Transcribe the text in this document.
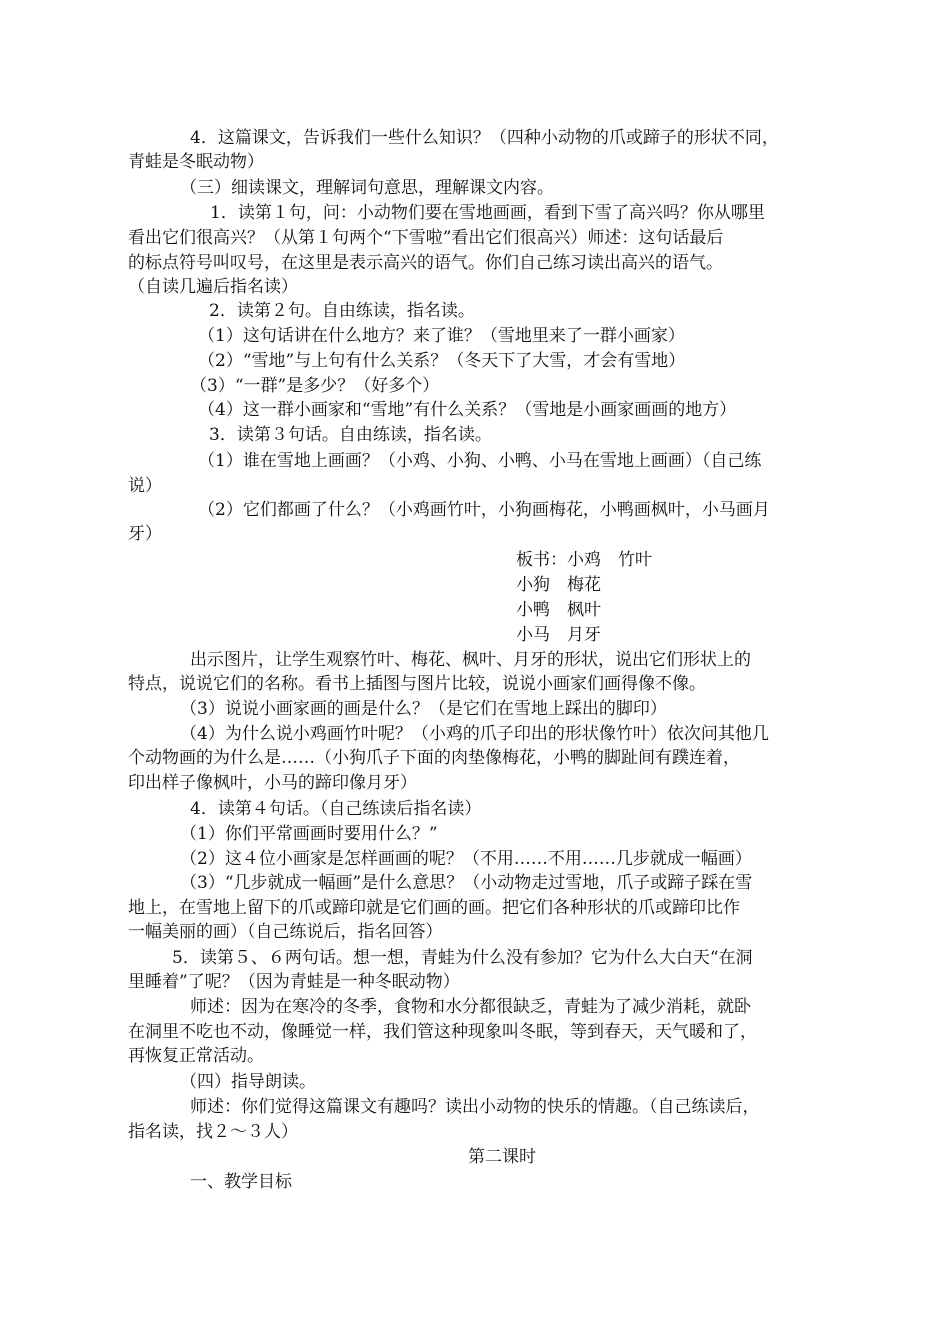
4．这篇课文，告诉我们一些什么知识？（四种小动物的爪或蹄子的形状不同，
青蛙是冬眠动物）
（三）细读课文，理解词句意思，理解课文内容。
1．读第１句，问：小动物们要在雪地画画，看到下雪了高兴吗？你从哪里
看出它们很高兴？（从第１句两个“下雪啦”看出它们很高兴）师述：这句话最后
的标点符号叫叹号，在这里是表示高兴的语气。你们自己练习读出高兴的语气。
（自读几遍后指名读）
2．读第２句。自由练读，指名读。
（1）这句话讲在什么地方？来了谁？（雪地里来了一群小画家）
（2）“雪地”与上句有什么关系？（冬天下了大雪，才会有雪地）
（3）“一群”是多少？（好多个）
（4）这一群小画家和“雪地”有什么关系？（雪地是小画家画画的地方）
3．读第３句话。自由练读，指名读。
（1）谁在雪地上画画？（小鸡、小狗、小鸭、小马在雪地上画画）（自己练
说）
（2）它们都画了什么？（小鸡画竹叶，小狗画梅花，小鸭画枫叶，小马画月
牙）
板书：小鸡　竹叶
小狗　梅花
小鸭　枫叶
小马　月牙
出示图片，让学生观察竹叶、梅花、枫叶、月牙的形状，说出它们形状上的
特点，说说它们的名称。看书上插图与图片比较，说说小画家们画得像不像。
（3）说说小画家画的画是什么？（是它们在雪地上踩出的脚印）
（4）为什么说小鸡画竹叶呢？（小鸡的爪子印出的形状像竹叶）依次问其他几
个动物画的为什么是……（小狗爪子下面的肉垫像梅花，小鸭的脚趾间有蹼连着，
印出样子像枫叶，小马的蹄印像月牙）
4．读第４句话。（自己练读后指名读）
（1）你们平常画画时要用什么？”
（2）这４位小画家是怎样画画的呢？（不用……不用……几步就成一幅画）
（3）“几步就成一幅画”是什么意思？（小动物走过雪地，爪子或蹄子踩在雪
地上，在雪地上留下的爪或蹄印就是它们画的画。把它们各种形状的爪或蹄印比作
一幅美丽的画）（自己练说后，指名回答）
5．读第５、６两句话。想一想，青蛙为什么没有参加？它为什么大白天“在洞
里睡着”了呢？（因为青蛙是一种冬眠动物）
师述：因为在寒冷的冬季，食物和水分都很缺乏，青蛙为了减少消耗，就卧
在洞里不吃也不动，像睡觉一样，我们管这种现象叫冬眠，等到春天，天气暖和了，
再恢复正常活动。
（四）指导朗读。
师述：你们觉得这篇课文有趣吗？读出小动物的快乐的情趣。（自己练读后，
指名读，找２～３人）
第二课时
一、教学目标
